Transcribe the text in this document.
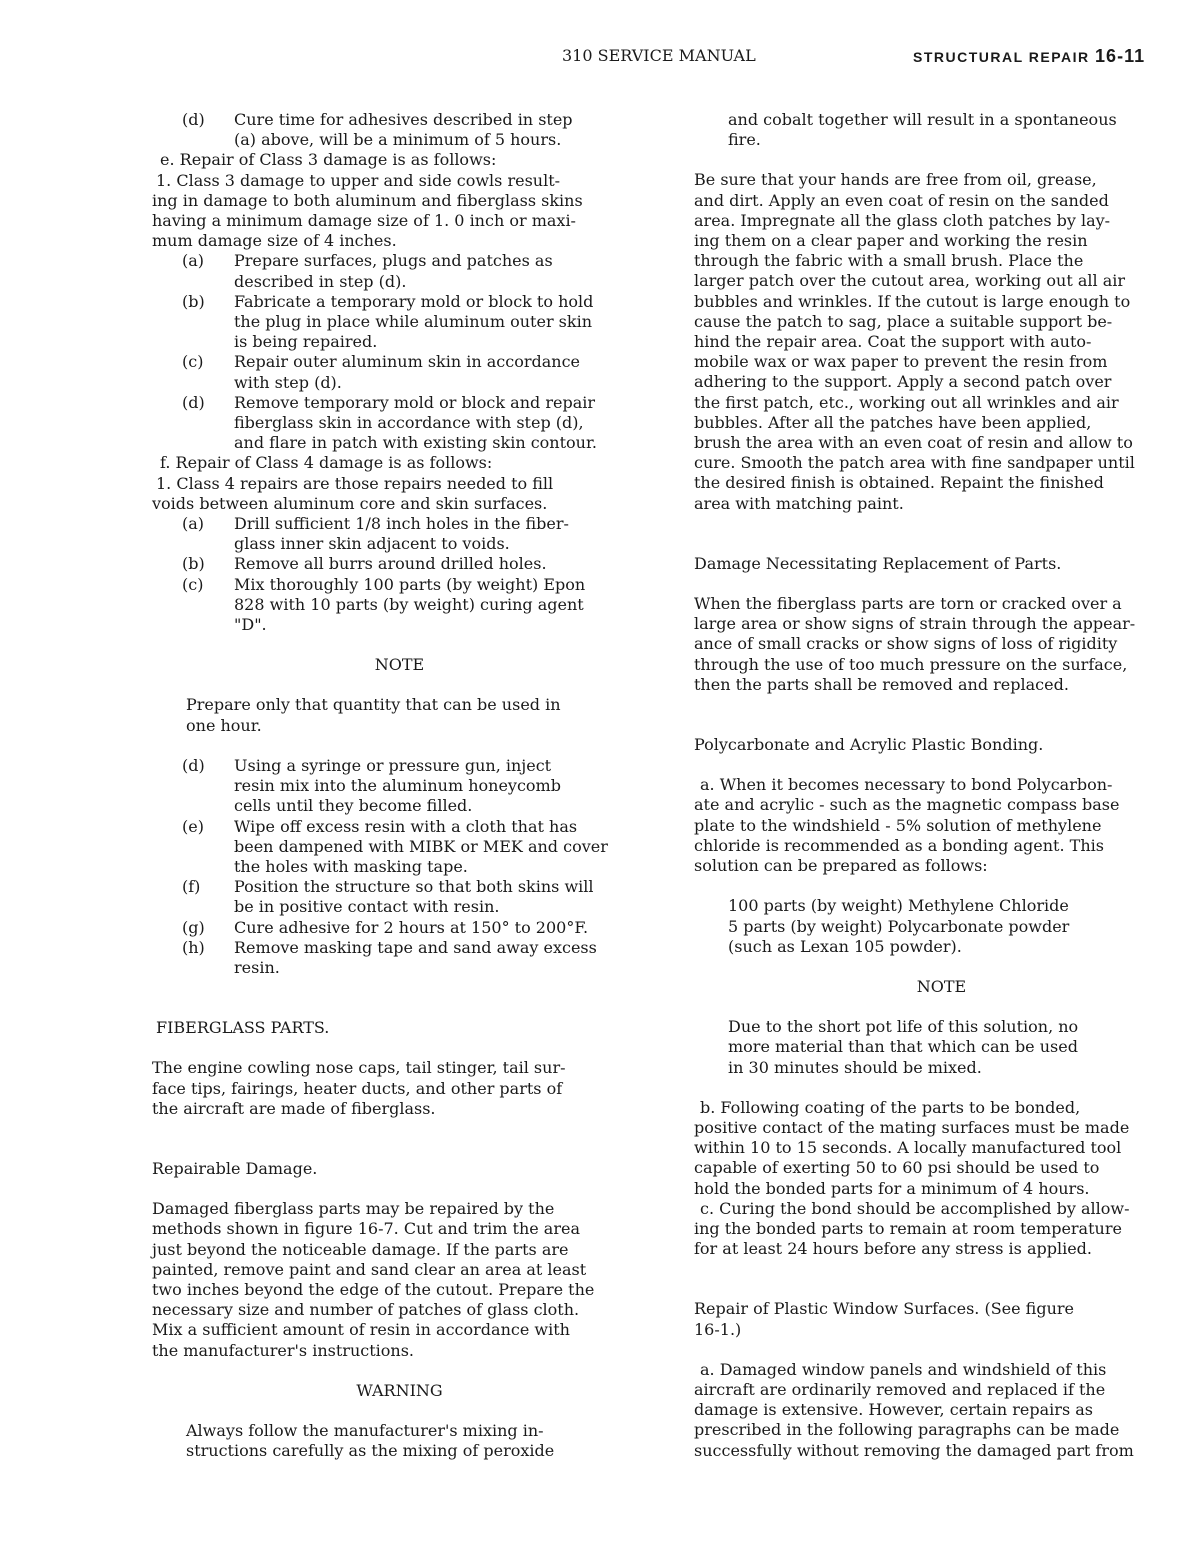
310 SERVICE MANUAL	STRUCTURAL REPAIR 16-11
(d)	Cure time for adhesives described in step
(a) above, will be a minimum of 5 hours.
e. Repair of Class 3 damage is as follows:
1. Class 3 damage to upper and side cowls result-
ing in damage to both aluminum and fiberglass skins
having a minimum damage size of 1. 0 inch or maxi-
mum damage size of 4 inches.
(a)	Prepare surfaces, plugs and patches as
described in step (d).
(b)	Fabricate a temporary mold or block to hold
the plug in place while aluminum outer skin
is being repaired.
(c)	Repair outer aluminum skin in accordance
with step (d).
(d)	Remove temporary mold or block and repair
fiberglass skin in accordance with step (d),
and flare in patch with existing skin contour.
f. Repair of Class 4 damage is as follows:
1. Class 4 repairs are those repairs needed to fill
voids between aluminum core and skin surfaces.
(a)	Drill sufficient 1/8 inch holes in the fiber-
glass inner skin adjacent to voids.
(b)	Remove all burrs around drilled holes.
(c)	Mix thoroughly 100 parts (by weight) Epon
828 with 10 parts (by weight) curing agent
"D".
NOTE
Prepare only that quantity that can be used in
one hour.
(d)	Using a syringe or pressure gun, inject
resin mix into the aluminum honeycomb
cells until they become filled.
(e)	Wipe off excess resin with a cloth that has
been dampened with MIBK or MEK and cover
the holes with masking tape.
(f)	Position the structure so that both skins will
be in positive contact with resin.
(g)	Cure adhesive for 2 hours at 150° to 200°F.
(h)	Remove masking tape and sand away excess
resin.
FIBERGLASS PARTS.
The engine cowling nose caps, tail stinger, tail sur-
face tips, fairings, heater ducts, and other parts of
the aircraft are made of fiberglass.
Repairable Damage.
Damaged fiberglass parts may be repaired by the
methods shown in figure 16-7. Cut and trim the area
just beyond the noticeable damage. If the parts are
painted, remove paint and sand clear an area at least
two inches beyond the edge of the cutout. Prepare the
necessary size and number of patches of glass cloth.
Mix a sufficient amount of resin in accordance with
the manufacturer's instructions.
WARNING
Always follow the manufacturer's mixing in-
structions carefully as the mixing of peroxide
and cobalt together will result in a spontaneous
fire.
Be sure that your hands are free from oil, grease,
and dirt. Apply an even coat of resin on the sanded
area. Impregnate all the glass cloth patches by lay-
ing them on a clear paper and working the resin
through the fabric with a small brush. Place the
larger patch over the cutout area, working out all air
bubbles and wrinkles. If the cutout is large enough to
cause the patch to sag, place a suitable support be-
hind the repair area. Coat the support with auto-
mobile wax or wax paper to prevent the resin from
adhering to the support. Apply a second patch over
the first patch, etc., working out all wrinkles and air
bubbles. After all the patches have been applied,
brush the area with an even coat of resin and allow to
cure. Smooth the patch area with fine sandpaper until
the desired finish is obtained. Repaint the finished
area with matching paint.
Damage Necessitating Replacement of Parts.
When the fiberglass parts are torn or cracked over a
large area or show signs of strain through the appear-
ance of small cracks or show signs of loss of rigidity
through the use of too much pressure on the surface,
then the parts shall be removed and replaced.
Polycarbonate and Acrylic Plastic Bonding.
a. When it becomes necessary to bond Polycarbon-
ate and acrylic - such as the magnetic compass base
plate to the windshield - 5% solution of methylene
chloride is recommended as a bonding agent. This
solution can be prepared as follows:
100 parts (by weight) Methylene Chloride
5 parts (by weight) Polycarbonate powder
(such as Lexan 105 powder).
NOTE
Due to the short pot life of this solution, no
more material than that which can be used
in 30 minutes should be mixed.
b. Following coating of the parts to be bonded,
positive contact of the mating surfaces must be made
within 10 to 15 seconds. A locally manufactured tool
capable of exerting 50 to 60 psi should be used to
hold the bonded parts for a minimum of 4 hours.
c. Curing the bond should be accomplished by allow-
ing the bonded parts to remain at room temperature
for at least 24 hours before any stress is applied.
Repair of Plastic Window Surfaces. (See figure
16-1.)
a. Damaged window panels and windshield of this
aircraft are ordinarily removed and replaced if the
damage is extensive. However, certain repairs as
prescribed in the following paragraphs can be made
successfully without removing the damaged part from
